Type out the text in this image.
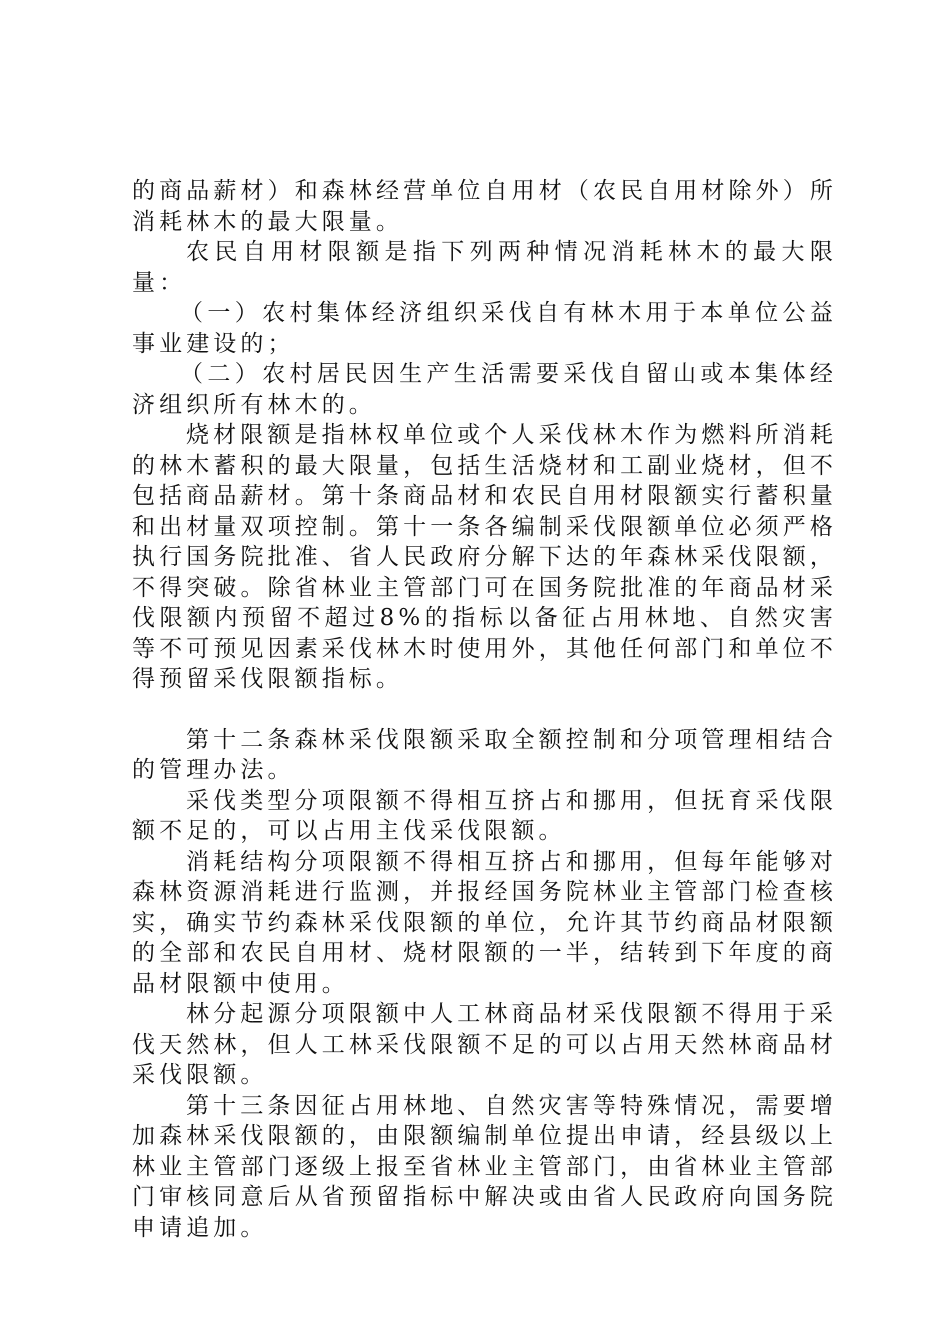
的商品薪材）和森林经营单位自用材（农民自用材除外）所消耗林木的最大限量。

农民自用材限额是指下列两种情况消耗林木的最大限量：

（一）农村集体经济组织采伐自有林木用于本单位公益事业建设的；

（二）农村居民因生产生活需要采伐自留山或本集体经济组织所有林木的。

烧材限额是指林权单位或个人采伐林木作为燃料所消耗的林木蓄积的最大限量，包括生活烧材和工副业烧材，但不包括商品薪材。第十条商品材和农民自用材限额实行蓄积量和出材量双项控制。第十一条各编制采伐限额单位必须严格执行国务院批准、省人民政府分解下达的年森林采伐限额，不得突破。除省林业主管部门可在国务院批准的年商品材采伐限额内预留不超过8%的指标以备征占用林地、自然灾害等不可预见因素采伐林木时使用外，其他任何部门和单位不得预留采伐限额指标。

第十二条森林采伐限额采取全额控制和分项管理相结合的管理办法。

采伐类型分项限额不得相互挤占和挪用，但抚育采伐限额不足的，可以占用主伐采伐限额。

消耗结构分项限额不得相互挤占和挪用，但每年能够对森林资源消耗进行监测，并报经国务院林业主管部门检查核实，确实节约森林采伐限额的单位，允许其节约商品材限额的全部和农民自用材、烧材限额的一半，结转到下年度的商品材限额中使用。

林分起源分项限额中人工林商品材采伐限额不得用于采伐天然林，但人工林采伐限额不足的可以占用天然林商品材采伐限额。

第十三条因征占用林地、自然灾害等特殊情况，需要增加森林采伐限额的，由限额编制单位提出申请，经县级以上林业主管部门逐级上报至省林业主管部门，由省林业主管部门审核同意后从省预留指标中解决或由省人民政府向国务院申请追加。
